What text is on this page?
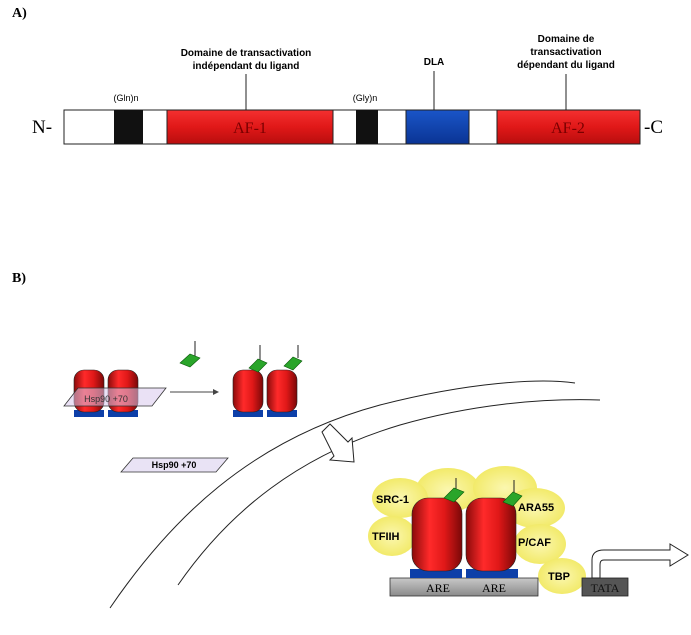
A)
Domaine de transactivation
indépendant du ligand	DLA
Domaine de
transactivation
dépendant du ligand
(Gln)n	(Gly)n
N-	AF-1	AF-2	-C
B)
Hsp90 +70
Hsp90 +70
ARE	ARE	TATA
SRC-1
TFIIH
ARA55
P/CAF
TBP
